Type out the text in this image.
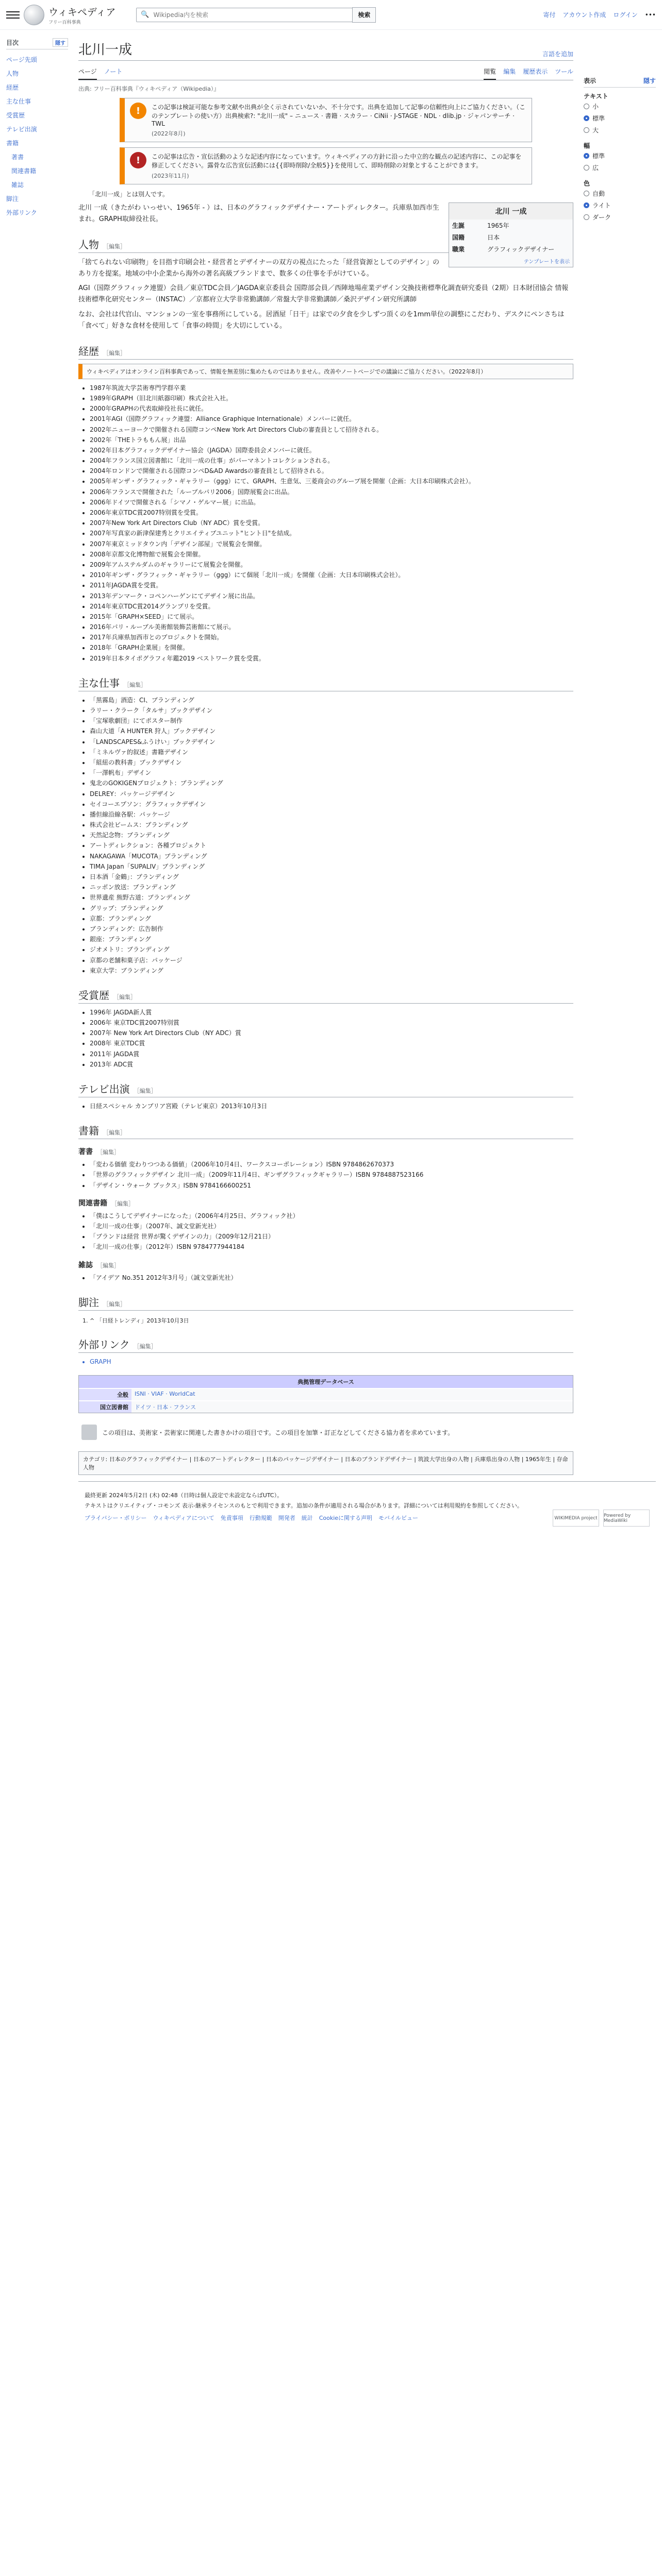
ウィキペディア
フリー百科事典
🔍
Wikipedia内を検索	検索	寄付 アカウント作成 ログイン •••
目次	隠す
ページ先頭
人物
経歴
主な仕事
受賞歴
テレビ出演
書籍
著書
関連書籍
雑誌
脚注
外部リンク
北川一成	言語を追加
ページ ノート	閲覧 編集 履歴表示 ツール
出典: フリー百科事典『ウィキペディア（Wikipedia）』
!	この記事は検証可能な参考文献や出典が全く示されていないか、不十分です。出典を追加して記事の信頼性向上にご協力ください。（このテンプレートの使い方）出典検索?: "北川一成" – ニュース · 書籍 · スカラー · CiNii · J-STAGE · NDL · dlib.jp · ジャパンサーチ · TWL

(2022年8月)
!	この記事は広告・宣伝活動のような記述内容になっています。ウィキペディアの方針に沿った中立的な観点の記述内容に、この記事を修正してください。露骨な広告宣伝活動には{{即時削除/全般5}}を使用して、即時削除の対象とすることができます。

(2023年11月)
「北川一成」とは別人です。
北川 一成
生誕	1965年
国籍	日本
職業	グラフィックデザイナー
テンプレートを表示

北川 一成（きたがわ いっせい、1965年 - ）は、日本のグラフィックデザイナー・アートディレクター。兵庫県加西市生まれ。GRAPH取締役社長。

人物 ［編集］

「捨てられない印刷物」を目指す印刷会社・経営者とデザイナーの双方の視点にたった「経営資源としてのデザイン」のあり方を提案。地域の中小企業から海外の著名高級ブランドまで、数多くの仕事を手がけている。

AGI（国際グラフィック連盟）会員／東京TDC会員／JAGDA東京委員会 国際部会員／西陣地場産業デザイン交換技術標準化調査研究委員（2期）日本財団協会 情報技術標準化研究センター（INSTAC）／京都府立大学非常勤講師／常盤大学非常勤講師／桑沢デザイン研究所講師

なお、会社は代官山、マンションの一室を事務所にしている。居酒屋「日干」は家での夕食を少しずつ頂くのを1mm単位の調整にこだわり、デスクにペンさちは「食べて」好きな食材を使用して「食事の時間」を大切にしている。

経歴 ［編集］
ウィキペディアはオンライン百科事典であって、情報を無差別に集めたものではありません。改善やノートページでの議論にご協力ください。（2022年8月）
• 1987年筑波大学芸術専門学群卒業
• 1989年GRAPH（旧北川紙器印刷）株式会社入社。
• 2000年GRAPHの代表取締役社長に就任。
• 2001年AGI（国際グラフィック連盟：Alliance Graphique Internationale）メンバーに就任。
• 2002年ニューヨークで開催される国際コンペNew York Art Directors Clubの審査員として招待される。
• 2002年「THEトラももん展」出品
• 2002年日本グラフィックデザイナー協会（JAGDA）国際委員会メンバーに就任。
• 2004年フランス国立図書館に「北川一成の仕事」がパーマネントコレクションされる。
• 2004年ロンドンで開催される国際コンペD&AD Awardsの審査員として招待される。
• 2005年ギンザ・グラフィック・ギャラリー（ggg）にて、GRAPH、生意気、三菱商会のグループ展を開催（企画：大日本印刷株式会社）。
• 2006年フランスで開催された「ルーブルパリ2006」国際展覧会に出品。
• 2006年ドイツで開催される「シマノ・ゲルマー展」に出品。
• 2006年東京TDC賞2007特別賞を受賞。
• 2007年New York Art Directors Club（NY ADC）賞を受賞。
• 2007年写真家の新津保建秀とクリエイティブユニット"ヒント日"を結成。
• 2007年東京ミッドタウン内「デザイン部屋」で展覧会を開催。
• 2008年京都文化博物館で展覧会を開催。
• 2009年アムステルダムのギャラリーにて展覧会を開催。
• 2010年ギンザ・グラフィック・ギャラリー（ggg）にて個展「北川一成」を開催（企画：大日本印刷株式会社）。
• 2011年JAGDA賞を受賞。
• 2013年デンマーク・コペンハーゲンにてデザイン展に出品。
• 2014年東京TDC賞2014グランプリを受賞。
• 2015年「GRAPH×SEED」にて展示。
• 2016年パリ・ルーブル美術館装飾芸術館にて展示。
• 2017年兵庫県加西市とのプロジェクトを開始。
• 2018年「GRAPH企業展」を開催。
• 2019年日本タイポグラフィ年鑑2019 ベストワーク賞を受賞。
主な仕事 ［編集］
• 「黒霧島」酒造：CI、ブランディング
• ラリー・クラーク「タルサ」ブックデザイン
• 「宝塚歌劇団」にてポスター制作
• 森山大道「A HUNTER 狩人」ブックデザイン
• 「LANDSCAPES&ふうけい」ブックデザイン
• 「ミネルヴァ的叙述」書籍デザイン
• 「組紐の教科書」ブックデザイン
• 「一澤帆布」デザイン
• 鬼北のGOKIGENプロジェクト：ブランディング
• DELREY：パッケージデザイン
• セイコーエプソン：グラフィックデザイン
• 播但線沿線各駅：パッケージ
• 株式会社ビームス：ブランディング
• 天然記念物：ブランディング
• アートディレクション：各種プロジェクト
• NAKAGAWA「MUCOTA」ブランディング
• TIMA Japan「SUPALIV」ブランディング
• 日本酒「金鶴」：ブランディング
• ニッポン放送：ブランディング
• 世界遺産 熊野古道：ブランディング
• グリップ：ブランディング
• 京都：ブランディング
• ブランディング：広告制作
• 銀座：ブランディング
• ジオメトリ：ブランディング
• 京都の老舗和菓子店：パッケージ
• 東京大学：ブランディング
受賞歴 ［編集］
• 1996年 JAGDA新人賞
• 2006年 東京TDC賞2007特別賞
• 2007年 New York Art Directors Club（NY ADC）賞
• 2008年 東京TDC賞
• 2011年 JAGDA賞
• 2013年 ADC賞
テレビ出演 ［編集］
• 日経スペシャル カンブリア宮殿（テレビ東京）2013年10月3日
書籍 ［編集］
著書 ［編集］
• 「変わる価値 変わりつつある価値」（2006年10月4日、ワークスコーポレーション）ISBN 9784862670373
• 「世界のグラフィックデザイン 北川一成」（2009年11月4日、ギンザグラフィックギャラリー）ISBN 9784887523166
• 「デザイン・ウォーク ブックス」ISBN 9784166600251
関連書籍 ［編集］
• 「僕はこうしてデザイナーになった」（2006年4月25日、グラフィック社）
• 「北川一成の仕事」（2007年、誠文堂新光社）
• 「ブランドは経営 世界が驚くデザインの力」（2009年12月21日）
• 「北川一成の仕事」（2012年）ISBN 9784777944184
雑誌 ［編集］
• 「アイデア No.351 2012年3月号」（誠文堂新光社）
脚注 ［編集］
1. ^ 「日経トレンディ」2013年10月3日
外部リンク ［編集］
• GRAPH
典拠管理データベース
全般	ISNI · VIAF · WorldCat
国立図書館	ドイツ · 日本 · フランス
この項目は、美術家・芸術家に関連した書きかけの項目です。この項目を加筆・訂正などしてくださる協力者を求めています。
カテゴリ: 日本のグラフィックデザイナー | 日本のアートディレクター | 日本のパッケージデザイナー | 日本のブランドデザイナー | 筑波大学出身の人物 | 兵庫県出身の人物 | 1965年生 | 存命人物
表示	隠す
テキスト
小
標準
大
幅
標準
広
色
自動
ライト
ダーク

最終更新 2024年5月2日 (木) 02:48（日時は個人設定で未設定ならばUTC）。

テキストはクリエイティブ・コモンズ 表示-継承ライセンスのもとで利用できます。追加の条件が適用される場合があります。詳細については利用規約を参照してください。

プライバシー・ポリシー ウィキペディアについて 免責事項 行動規範 開発者 統計 Cookieに関する声明 モバイルビュー	WIKIMEDIA project	Powered by MediaWiki
